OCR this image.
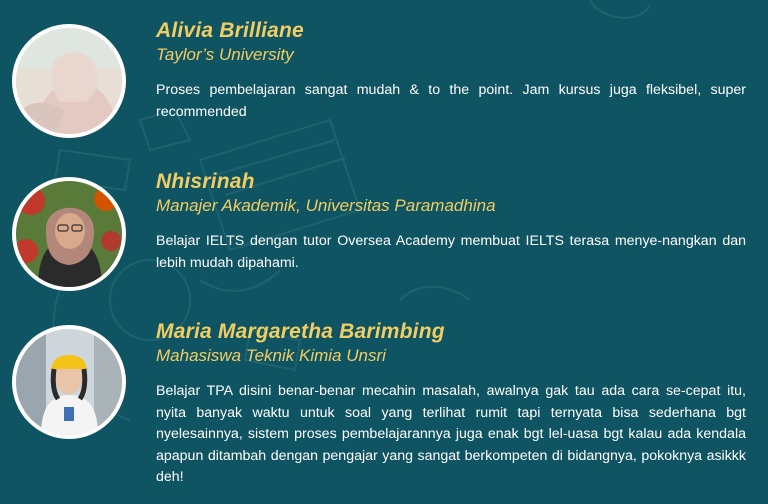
Alivia Brilliane

Taylor’s University

Proses pembelajaran sangat mudah & to the point. Jam kursus juga fleksibel, super recommended

Nhisrinah

Manajer Akademik, Universitas Paramadhina

Belajar IELTS dengan tutor Oversea Academy membuat IELTS terasa menye-nangkan dan lebih mudah dipahami.

Maria Margaretha Barimbing

Mahasiswa Teknik Kimia Unsri

Belajar TPA disini benar-benar mecahin masalah, awalnya gak tau ada cara se-cepat itu, nyita banyak waktu untuk soal yang terlihat rumit tapi ternyata bisa sederhana bgt nyelesainnya, sistem proses pembelajarannya juga enak bgt lel-uasa bgt kalau ada kendala apapun ditambah dengan pengajar yang sangat berkompeten di bidangnya, pokoknya asikkk deh!
